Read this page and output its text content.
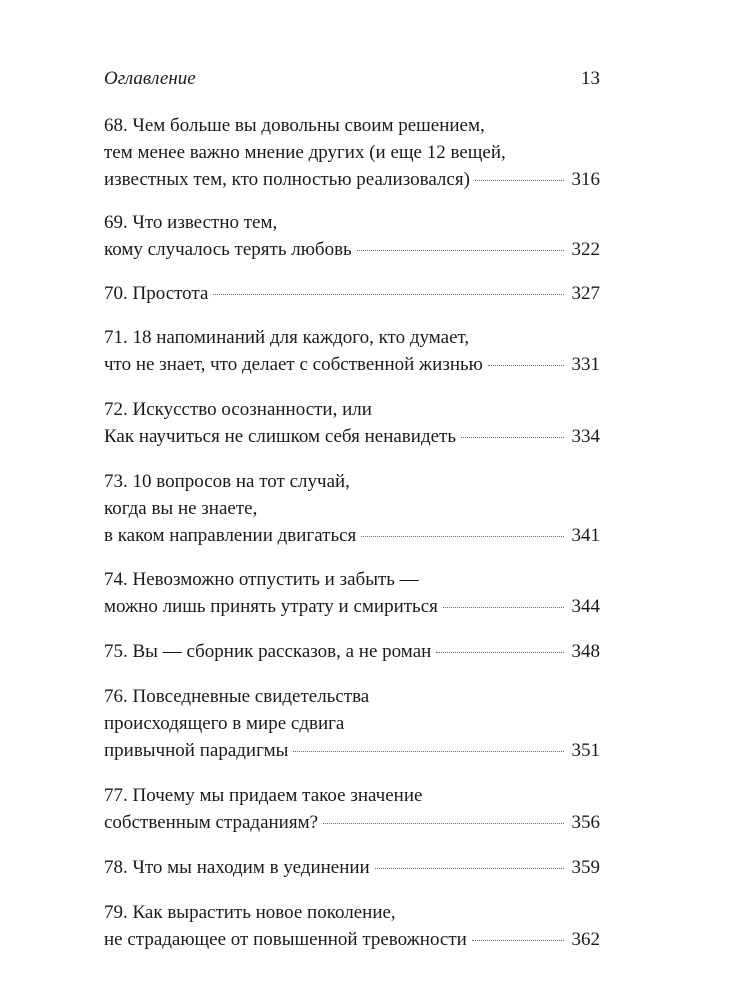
Оглавление	13
68. Чем больше вы довольны своим решением,
тем менее важно мнение других (и еще 12 вещей,
известных тем, кто полностью реализовался)	316
69. Что известно тем,
кому случалось терять любовь	322
70. Простота	327
71. 18 напоминаний для каждого, кто думает,
что не знает, что делает с собственной жизнью	331
72. Искусство осознанности, или
Как научиться не слишком себя ненавидеть	334
73. 10 вопросов на тот случай,
когда вы не знаете,
в каком направлении двигаться	341
74. Невозможно отпустить и забыть —
можно лишь принять утрату и смириться	344
75. Вы — сборник рассказов, а не роман	348
76. Повседневные свидетельства
происходящего в мире сдвига
привычной парадигмы	351
77. Почему мы придаем такое значение
собственным страданиям?	356
78. Что мы находим в уединении	359
79. Как вырастить новое поколение,
не страдающее от повышенной тревожности	362
